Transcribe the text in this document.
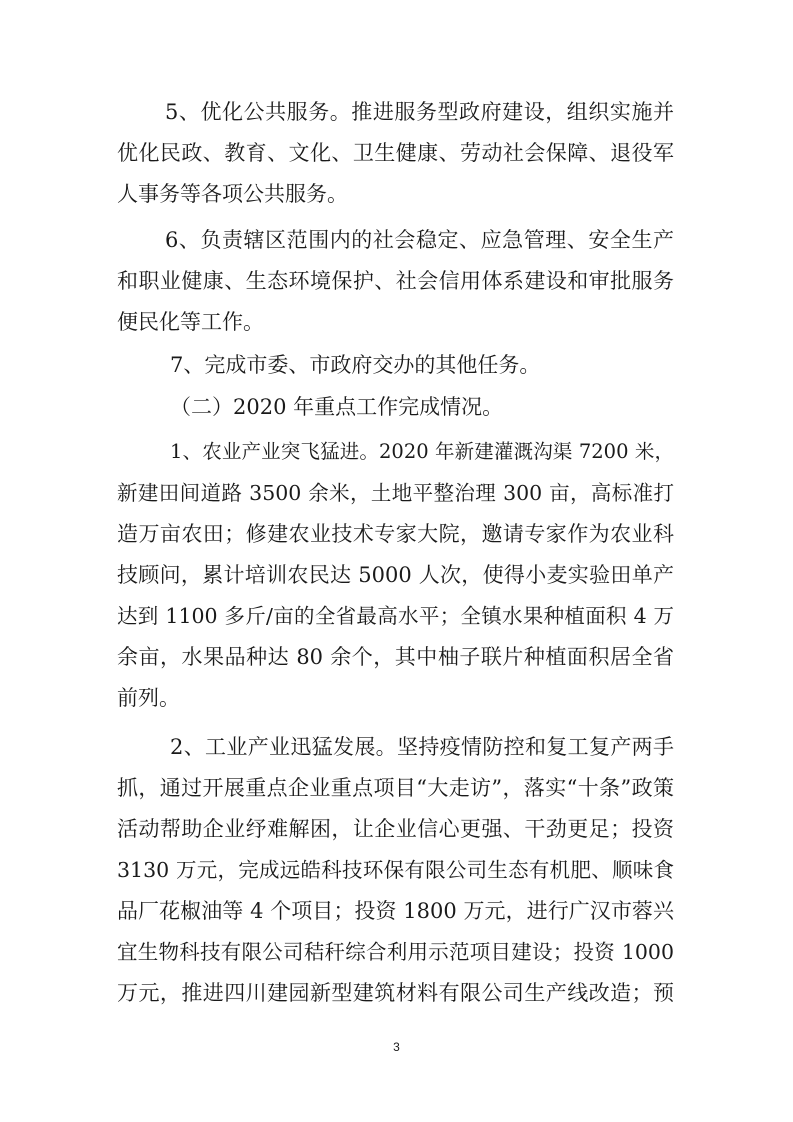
5、优化公共服务。推进服务型政府建设，组织实施并
优化民政、教育、文化、卫生健康、劳动社会保障、退役军
人事务等各项公共服务。
6、负责辖区范围内的社会稳定、应急管理、安全生产
和职业健康、生态环境保护、社会信用体系建设和审批服务
便民化等工作。
7、完成市委、市政府交办的其他任务。
（二）2020 年重点工作完成情况。
1、农业产业突飞猛进。2020 年新建灌溉沟渠 7200 米，
新建田间道路 3500 余米，土地平整治理 300 亩，高标准打
造万亩农田；修建农业技术专家大院，邀请专家作为农业科
技顾问，累计培训农民达 5000 人次，使得小麦实验田单产
达到 1100 多斤/亩的全省最高水平；全镇水果种植面积 4 万
余亩，水果品种达 80 余个，其中柚子联片种植面积居全省
前列。
2、工业产业迅猛发展。坚持疫情防控和复工复产两手
抓，通过开展重点企业重点项目“大走访”，落实“十条”政策
活动帮助企业纾难解困，让企业信心更强、干劲更足；投资
3130 万元，完成远皓科技环保有限公司生态有机肥、顺味食
品厂花椒油等 4 个项目；投资 1800 万元，进行广汉市蓉兴
宜生物科技有限公司秸秆综合利用示范项目建设；投资 1000
万元，推进四川建园新型建筑材料有限公司生产线改造；预
3
